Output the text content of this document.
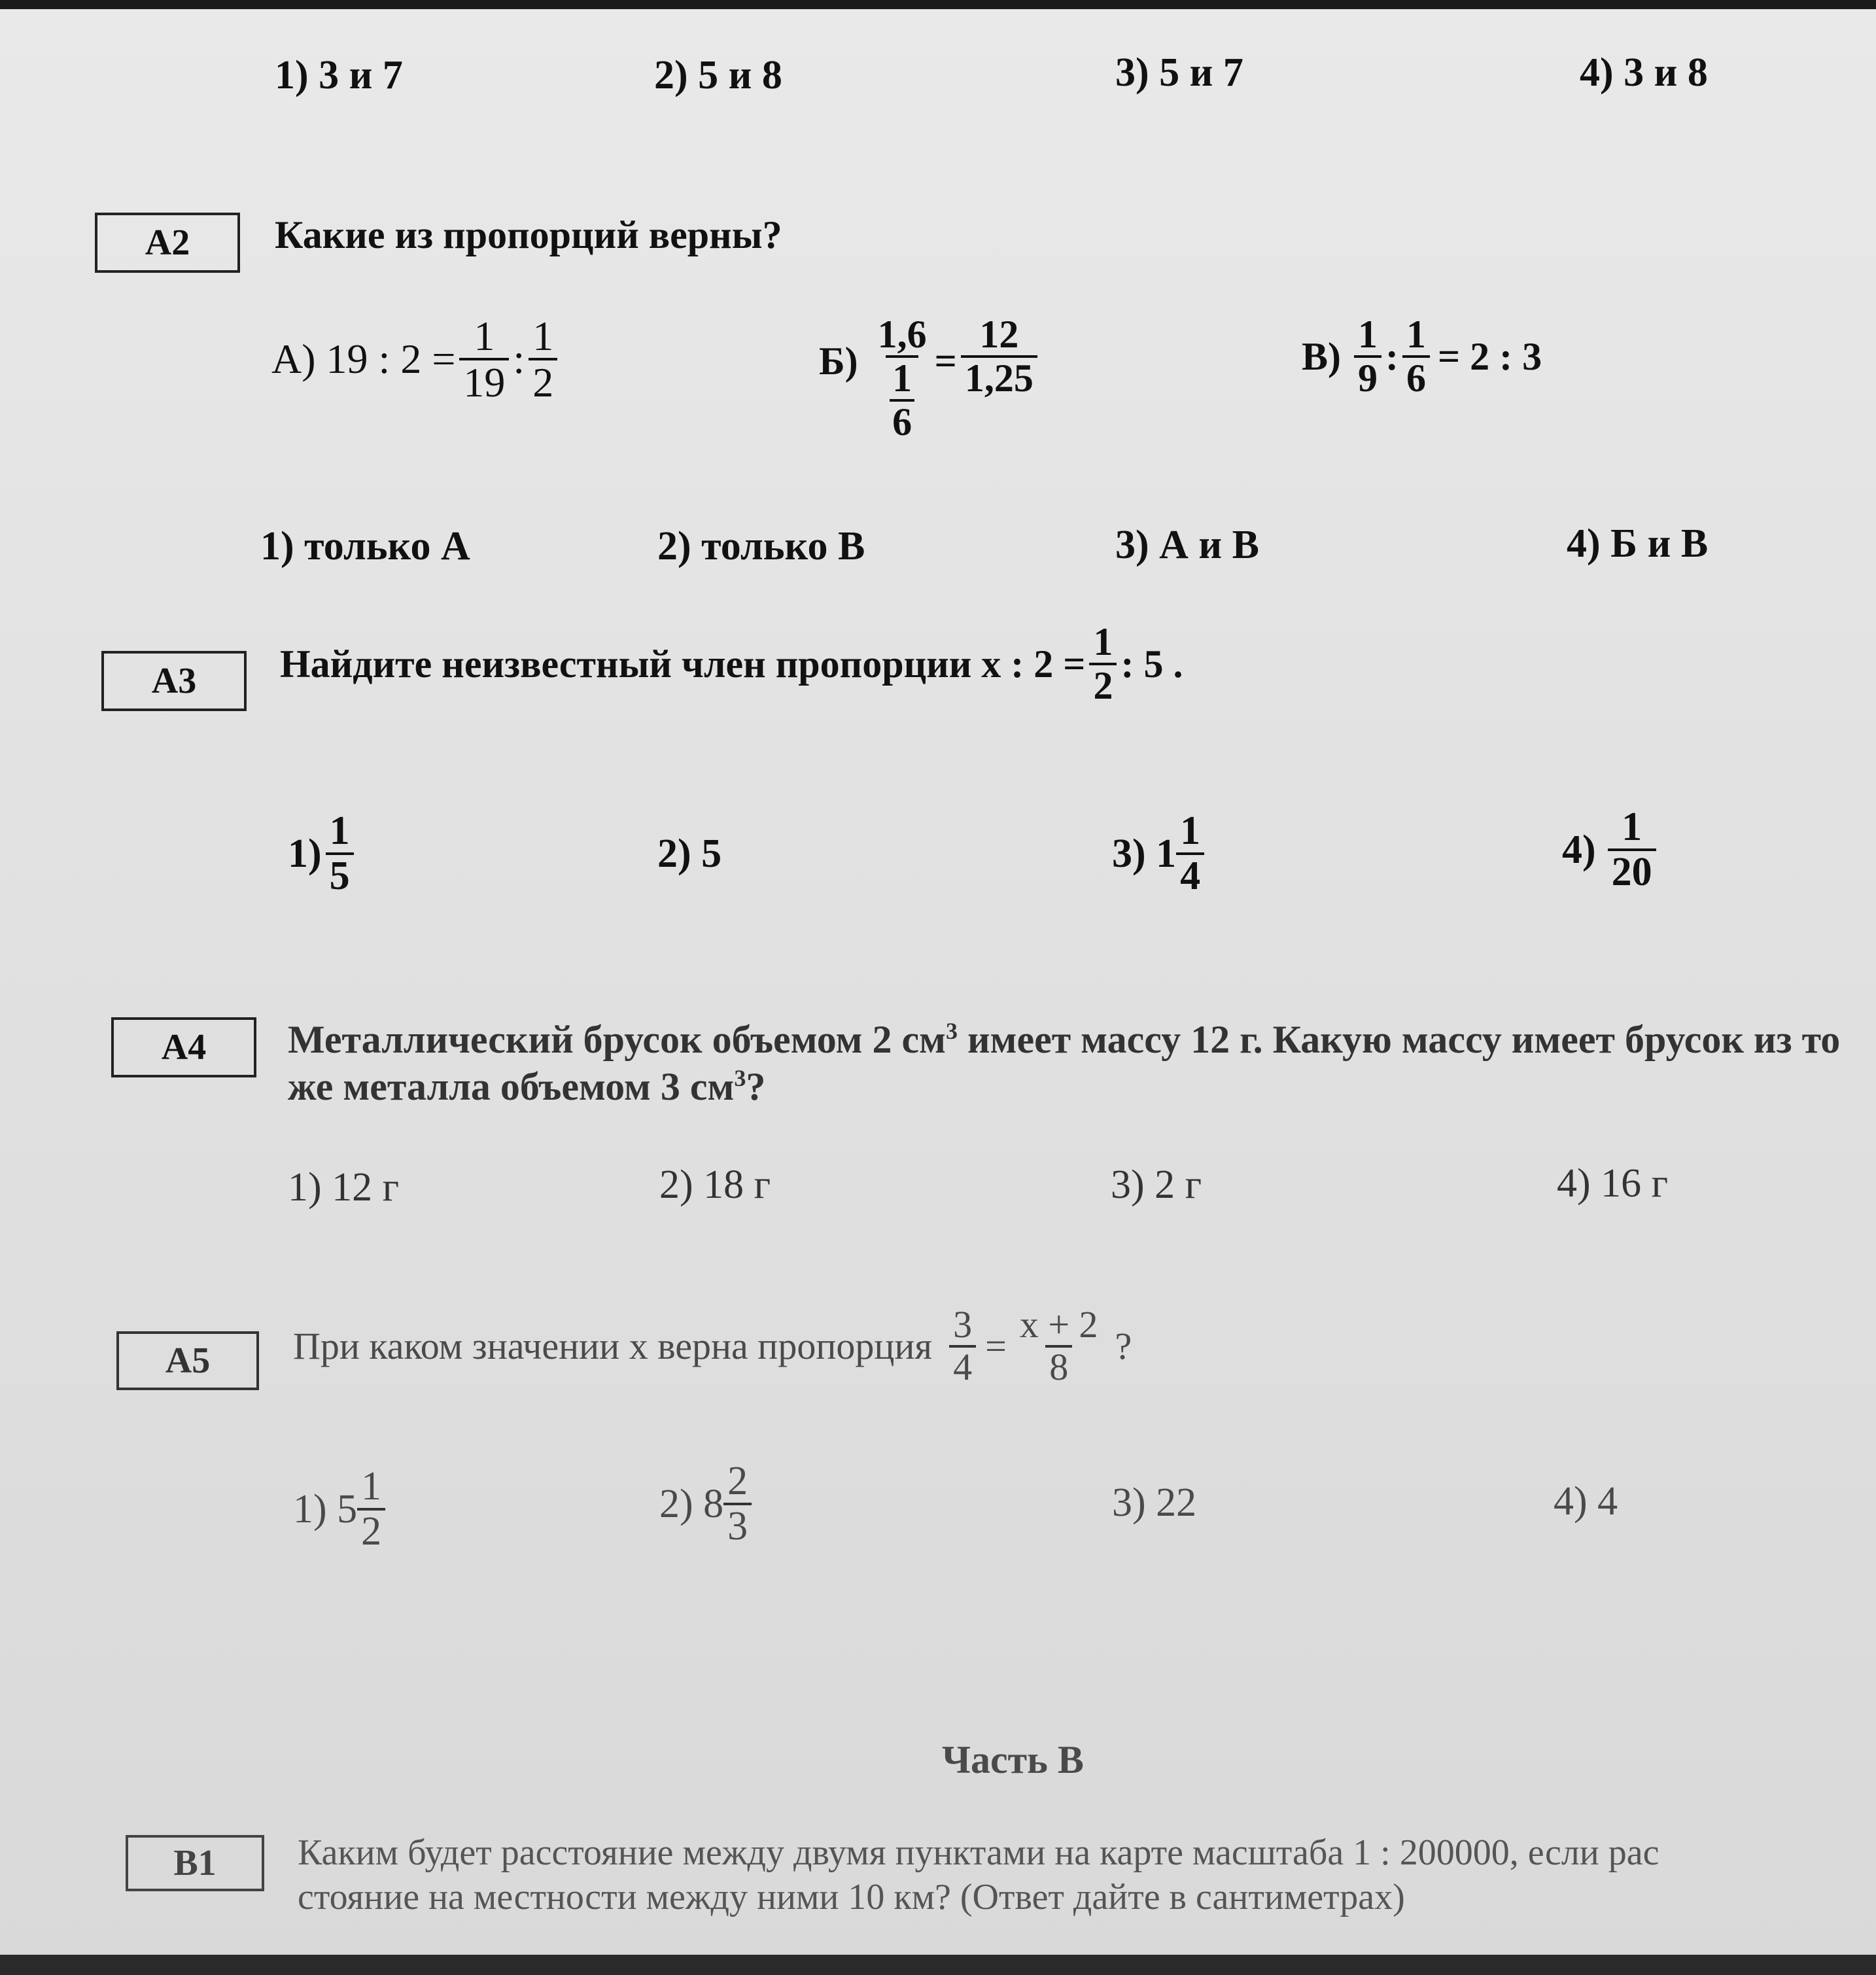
1) 3 и 7	2) 5 и 8	3) 5 и 7	4) 3 и 8
А2	Какие из пропорций верны?
А) 19 : $2 = \frac{1}{19}$ : $\frac{1}{2}$	$Б) \frac{1,6}{\frac{1}{6}} = \frac{12}{1,25}$	$В) \frac{1}{9}$ : $\frac{1}{6} = 2$ : 3
1) только А	2) только В	3) А и В	4) Б и В
А3	Найдите неизвестный член пропорции x : $2 = \frac{1}{2}$ : 5 .
$1) \frac{1}{5}$	2) 5	3) $1 \frac{1}{4}$	$4) \frac{1}{20}$
А4	Металлический брусок объемом 2 $см^3$ имеет массу 12 г. Какую массу имеет брусок из то
же металла объемом 3 $см^3$?
1) 12 г	2) 18 г	3) 2 г	4) 16 г
А5	При каком значении x верна пропорция $\frac{3}{4} = \frac{x + 2}{8}$ ?
1) $5 \frac{1}{2}$	2) $8 \frac{2}{3}$	3) 22	4) 4
Часть В
В1	Каким будет расстояние между двумя пунктами на карте масштаба 1 : 200000, если рас
стояние на местности между ними 10 км? (Ответ дайте в сантиметрах)
